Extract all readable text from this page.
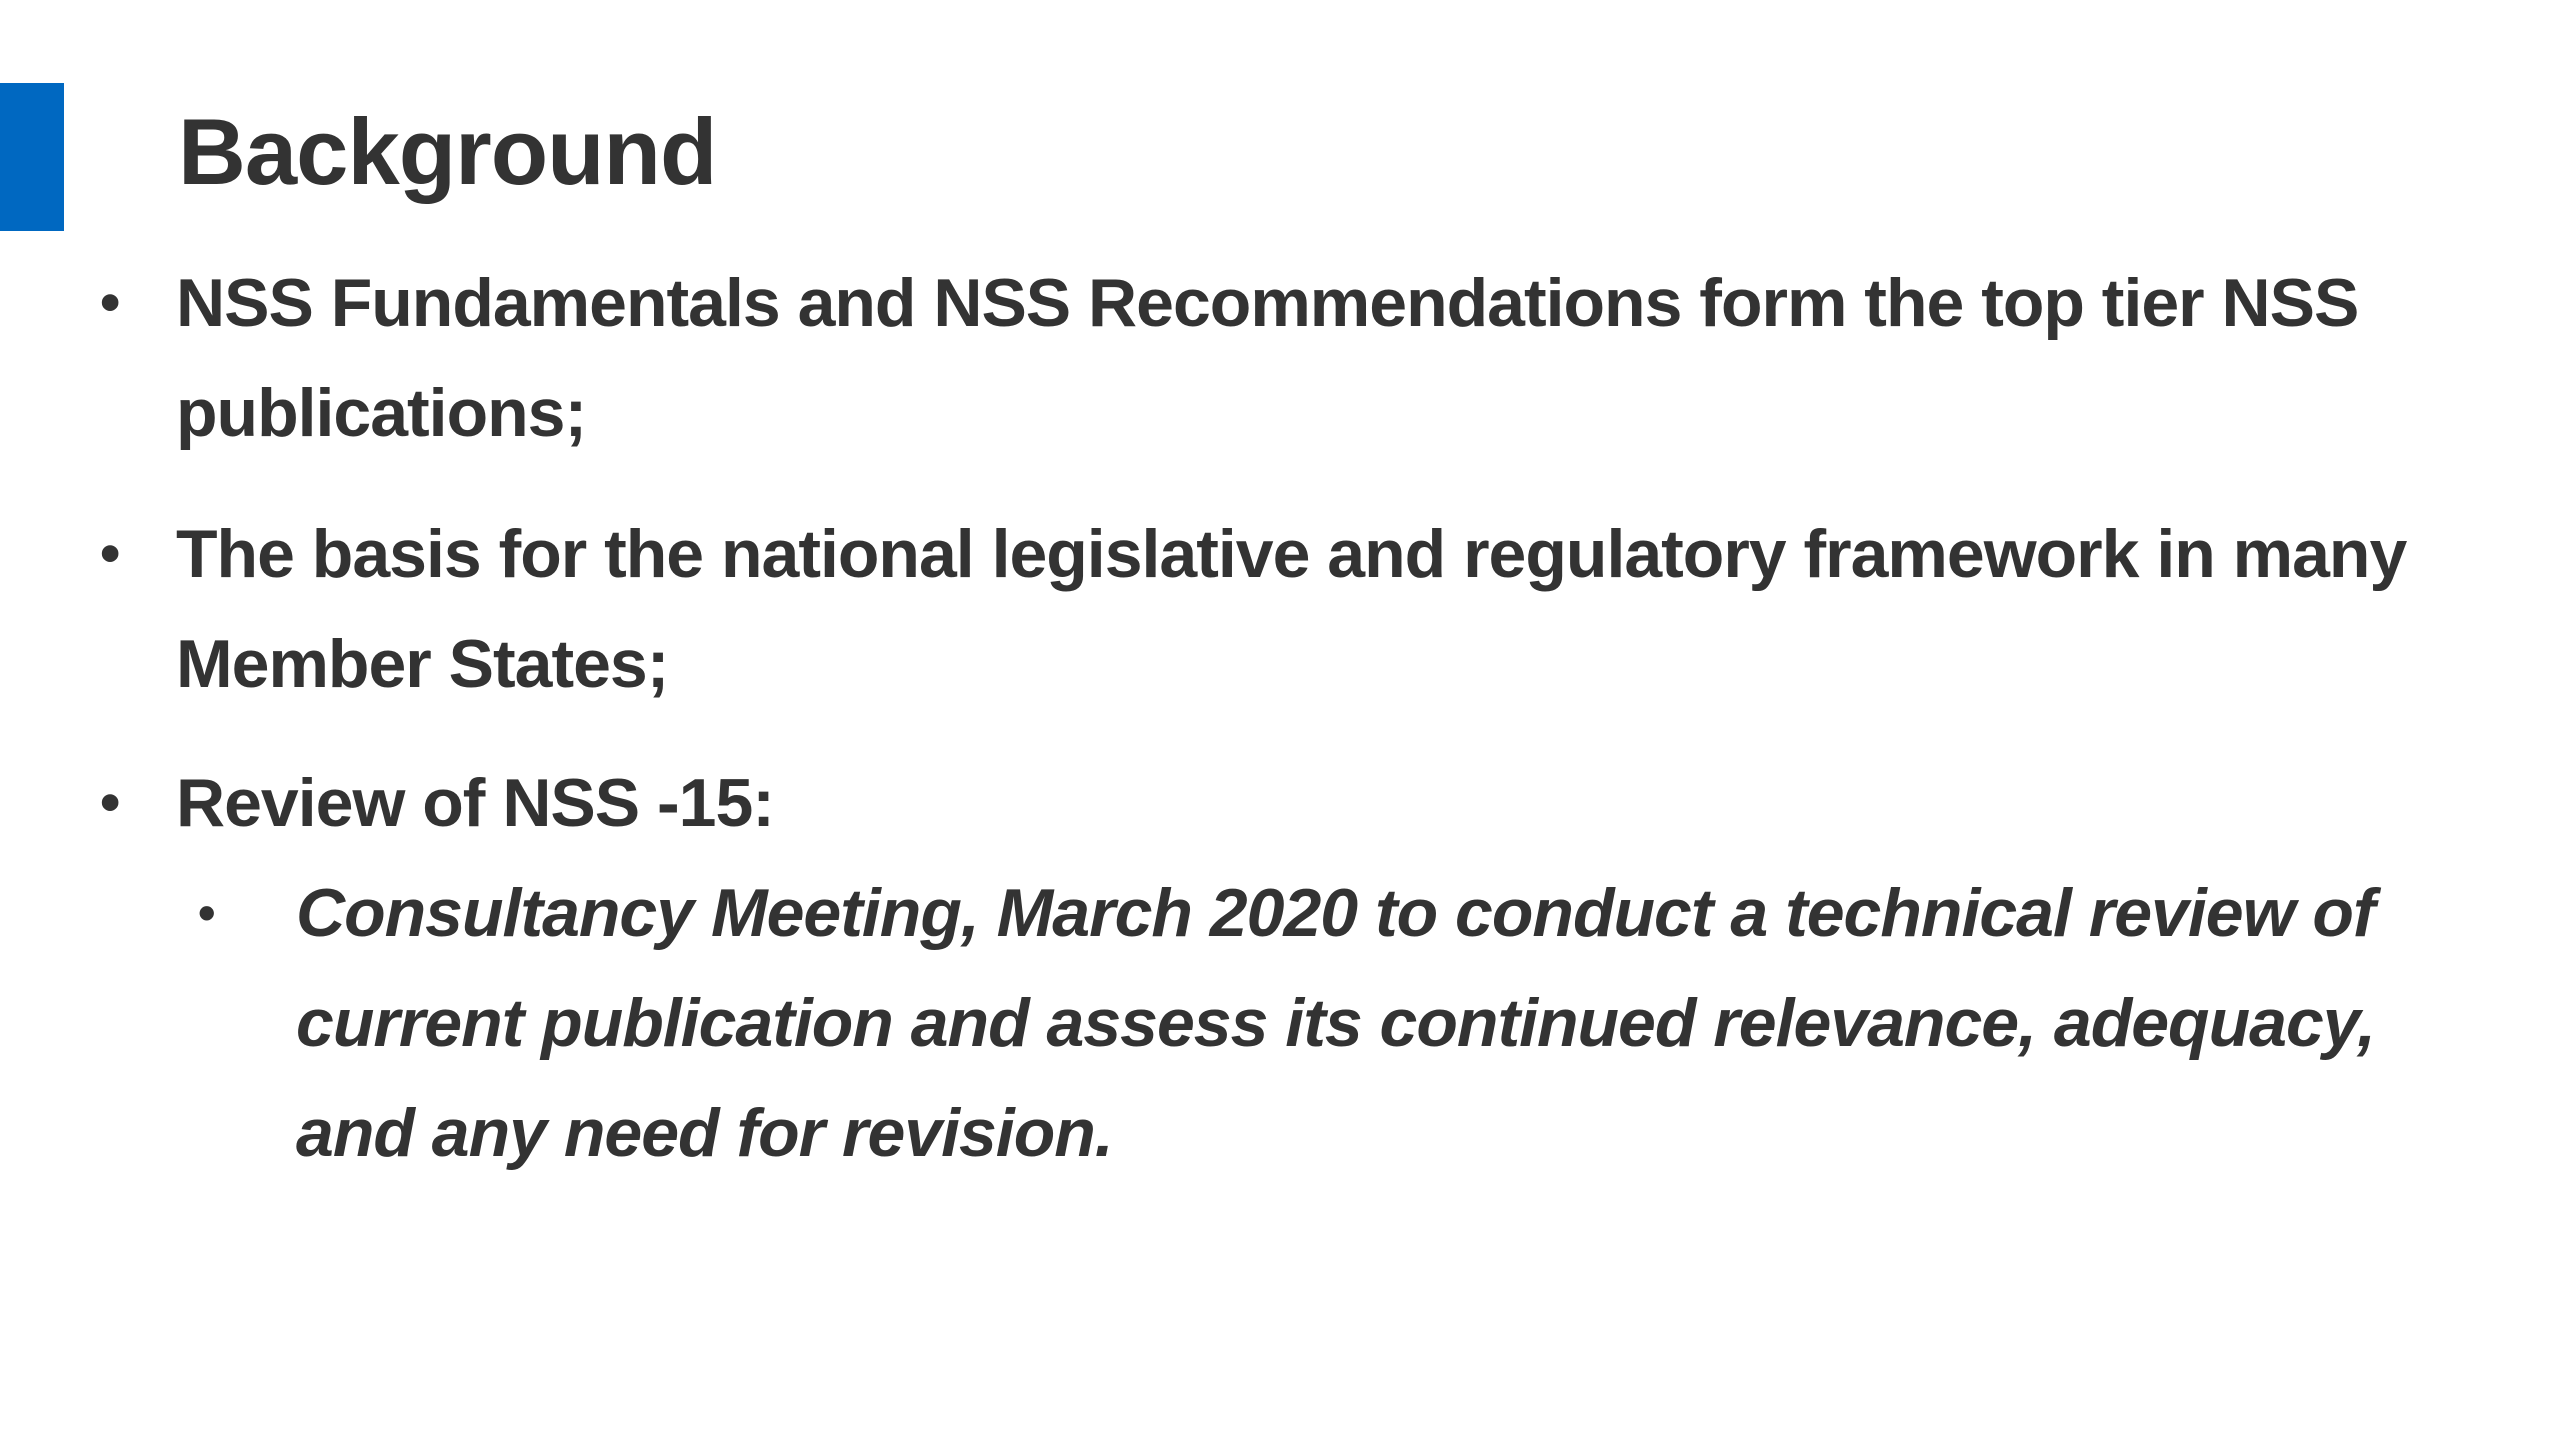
Background
• NSS Fundamentals and NSS Recommendations form the top tier NSS publications;
• The basis for the national legislative and regulatory framework in many Member States;
• Review of NSS -15:
• Consultancy Meeting, March 2020 to conduct a technical review of current publication and assess its continued relevance, adequacy, and any need for revision.
